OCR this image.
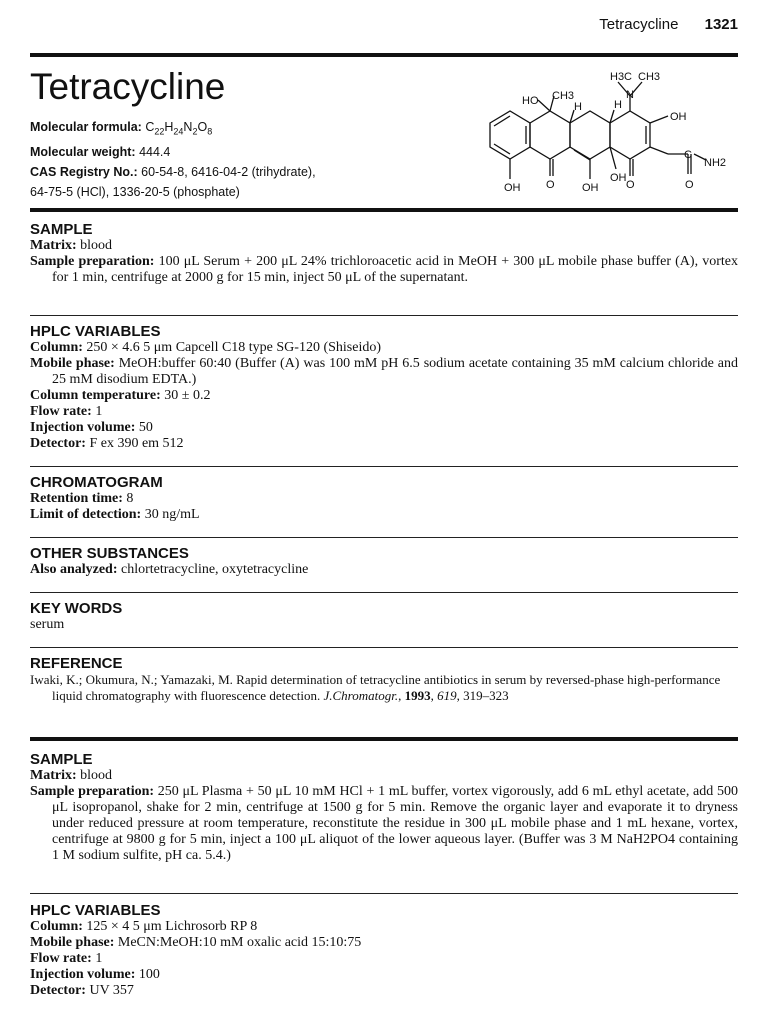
Tetracycline 1321
Tetracycline
Molecular formula: $C_{22}H_{24}N_2O_8$
Molecular weight: 444.4
CAS Registry No.: 60-54-8, 6416-04-2 (trihydrate),
64-75-5 (HCl), 1336-20-5 (phosphate)
H3C CH3
N
HO CH3
H	H
OH
C
NH2
OH O OH
OH
O	O
SAMPLE
Matrix: blood
Sample preparation: 100 μL Serum + 200 μL 24% trichloroacetic acid in MeOH + 300 μL mobile phase buffer (A), vortex for 1 min, centrifuge at 2000 g for 15 min, inject 50 μL of the supernatant.
HPLC VARIABLES
Column: 250 × 4.6 5 μm Capcell C18 type SG-120 (Shiseido)
Mobile phase: MeOH:buffer 60:40 (Buffer (A) was 100 mM pH 6.5 sodium acetate containing 35 mM calcium chloride and 25 mM disodium EDTA.)
Column temperature: 30 ± 0.2
Flow rate: 1
Injection volume: 50
Detector: F ex 390 em 512
CHROMATOGRAM
Retention time: 8
Limit of detection: 30 ng/mL
OTHER SUBSTANCES
Also analyzed: chlortetracycline, oxytetracycline
KEY WORDS
serum
REFERENCE
Iwaki, K.; Okumura, N.; Yamazaki, M. Rapid determination of tetracycline antibiotics in serum by reversed-phase high-performance liquid chromatography with fluorescence detection. J.Chromatogr., 1993, 619, 319–323
SAMPLE
Matrix: blood
Sample preparation: 250 μL Plasma + 50 μL 10 mM HCl + 1 mL buffer, vortex vigorously, add 6 mL ethyl acetate, add 500 μL isopropanol, shake for 2 min, centrifuge at 1500 g for 5 min. Remove the organic layer and evaporate it to dryness under reduced pressure at room temperature, reconstitute the residue in 300 μL mobile phase and 1 mL hexane, vortex, centrifuge at 9800 g for 5 min, inject a 100 μL aliquot of the lower aqueous layer. (Buffer was 3 M NaH2PO4 containing 1 M sodium sulfite, pH ca. 5.4.)
HPLC VARIABLES
Column: 125 × 4 5 μm Lichrosorb RP 8
Mobile phase: MeCN:MeOH:10 mM oxalic acid 15:10:75
Flow rate: 1
Injection volume: 100
Detector: UV 357
